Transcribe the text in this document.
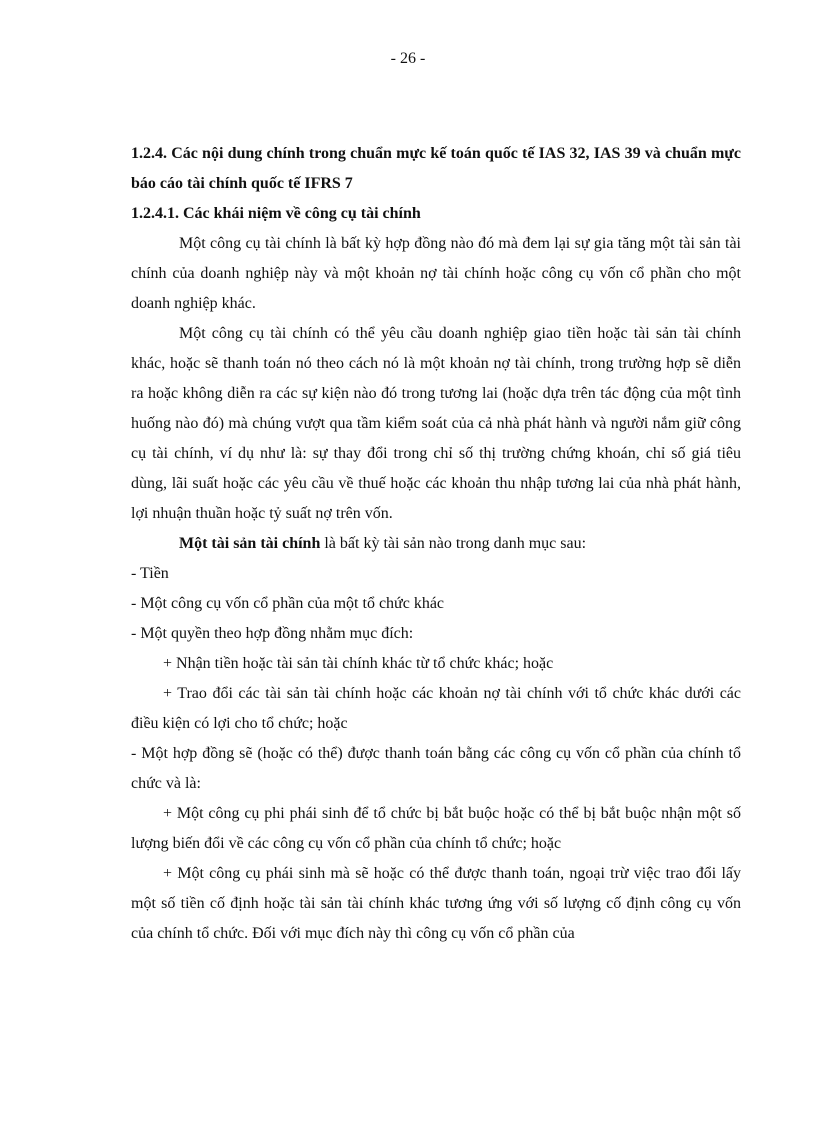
- 26 -

1.2.4. Các nội dung chính trong chuẩn mực kế toán quốc tế IAS 32, IAS 39 và chuẩn mực báo cáo tài chính quốc tế IFRS 7

1.2.4.1. Các khái niệm về công cụ tài chính

Một công cụ tài chính là bất kỳ hợp đồng nào đó mà đem lại sự gia tăng một tài sản tài chính của doanh nghiệp này và một khoản nợ tài chính hoặc công cụ vốn cổ phần cho một doanh nghiệp khác.

Một công cụ tài chính có thể yêu cầu doanh nghiệp giao tiền hoặc tài sản tài chính khác, hoặc sẽ thanh toán nó theo cách nó là một khoản nợ tài chính, trong trường hợp sẽ diễn ra hoặc không diễn ra các sự kiện nào đó trong tương lai (hoặc dựa trên tác động của một tình huống nào đó) mà chúng vượt qua tầm kiểm soát của cả nhà phát hành và người nắm giữ công cụ tài chính, ví dụ như là: sự thay đổi trong chỉ số thị trường chứng khoán, chỉ số giá tiêu dùng, lãi suất hoặc các yêu cầu về thuế hoặc các khoản thu nhập tương lai của nhà phát hành, lợi nhuận thuần hoặc tỷ suất nợ trên vốn.

Một tài sản tài chính là bất kỳ tài sản nào trong danh mục sau:

- Tiền

- Một công cụ vốn cổ phần của một tổ chức khác

- Một quyền theo hợp đồng nhằm mục đích:

+ Nhận tiền hoặc tài sản tài chính khác từ tổ chức khác; hoặc

+ Trao đổi các tài sản tài chính hoặc các khoản nợ tài chính với tổ chức khác dưới các điều kiện có lợi cho tổ chức; hoặc

- Một hợp đồng sẽ (hoặc có thể) được thanh toán bằng các công cụ vốn cổ phần của chính tổ chức và là:

+ Một công cụ phi phái sinh để tổ chức bị bắt buộc hoặc có thể bị bắt buộc nhận một số lượng biến đổi về các công cụ vốn cổ phần của chính tổ chức; hoặc

+ Một công cụ phái sinh mà sẽ hoặc có thể được thanh toán, ngoại trừ việc trao đổi lấy một số tiền cố định hoặc tài sản tài chính khác tương ứng với số lượng cố định công cụ vốn của chính tổ chức. Đối với mục đích này thì công cụ vốn cổ phần của
